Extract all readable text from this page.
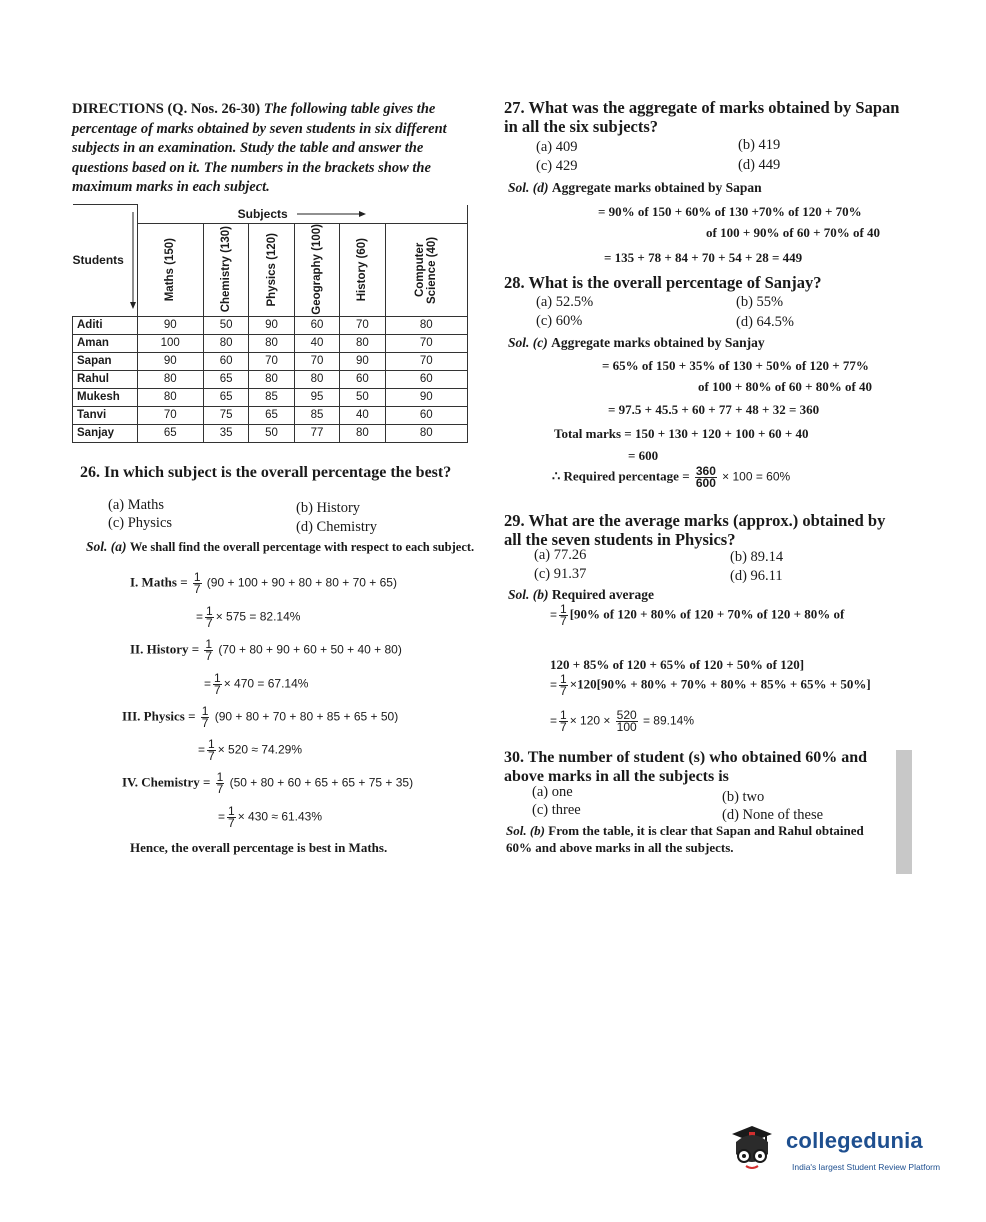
DIRECTIONS (Q. Nos. 26-30) The following table gives the percentage of marks obtained by seven students in six different subjects in an examination. Study the table and answer the questions based on it. The numbers in the brackets show the maximum marks in each subject.
Students	Subjects					

	Maths (150)	Chemistry (130)	Physics (120)	Geography (100)	History (60)	Computer Science (40)

Aditi	90	50	90	60	70	80
Aman	100	80	80	40	80	70
Sapan	90	60	70	70	90	70
Rahul	80	65	80	80	60	60
Mukesh	80	65	85	95	50	90
Tanvi	70	75	65	85	40	60
Sanjay	65	35	50	77	80	80
26. In which subject is the overall percentage the best?
(a) Maths	(b) History
(c) Physics	(d) Chemistry
Sol. (a) We shall find the overall percentage with respect to each subject.
I. Maths = $\frac{1}{7} (90 + 100 + 90 + 80 + 80 + 70 + 65)$
= $\frac{1}{7} \times 575 = 82.14\%$
II. History = $\frac{1}{7} (70 + 80 + 90 + 60 + 50 + 40 + 80)$
= $\frac{1}{7} \times 470 = 67.14\%$
III. Physics = $\frac{1}{7} (90 + 80 + 70 + 80 + 85 + 65 + 50)$
= $\frac{1}{7} \times 520 \approx 74.29\%$
IV. Chemistry = $\frac{1}{7} (50 + 80 + 60 + 65 + 65 + 75 + 35)$
= $\frac{1}{7} \times 430 \approx 61.43\%$
Hence, the overall percentage is best in Maths.
27. What was the aggregate of marks obtained by Sapan in all the six subjects?
(a) 409	(b) 419
(c) 429	(d) 449
Sol. (d) Aggregate marks obtained by Sapan
= 90% of 150 + 60% of 130 +70% of 120 + 70%
of 100 + 90% of 60 + 70% of 40
= 135 + 78 + 84 + 70 + 54 + 28 = 449
28. What is the overall percentage of Sanjay?
(a) 52.5%	(b) 55%
(c) 60%	(d) 64.5%
Sol. (c) Aggregate marks obtained by Sanjay
= 65% of 150 + 35% of 130 + 50% of 120 + 77%
of 100 + 80% of 60 + 80% of 40
= 97.5 + 45.5 + 60 + 77 + 48 + 32 = 360
Total marks = 150 + 130 + 120 + 100 + 60 + 40
= 600
∴ Required percentage = $\frac{360}{600} \times 100 = 60\%$
29. What are the average marks (approx.) obtained by all the seven students in Physics?
(a) 77.26	(b) 89.14
(c) 91.37	(d) 96.11
Sol. (b) Required average
= $\frac{1}{7} [90\%$ of 120 + 80% of 120 + 70% of 120 + 80% of
120 + 85% of 120 + 65% of 120 + 50% of 120]
= $\frac{1}{7} \times 120[90\% + 80\% + 70\% + 80\% + 85\% + 65\% + 50\%]$
= $\frac{1}{7} \times 120 \times \frac{520}{100} = 89.14\%$
30. The number of student (s) who obtained 60% and above marks in all the subjects is
(a) one	(b) two
(c) three	(d) None of these
Sol. (b) From the table, it is clear that Sapan and Rahul obtained 60% and above marks in all the subjects.
collegedunia
India's largest Student Review Platform
